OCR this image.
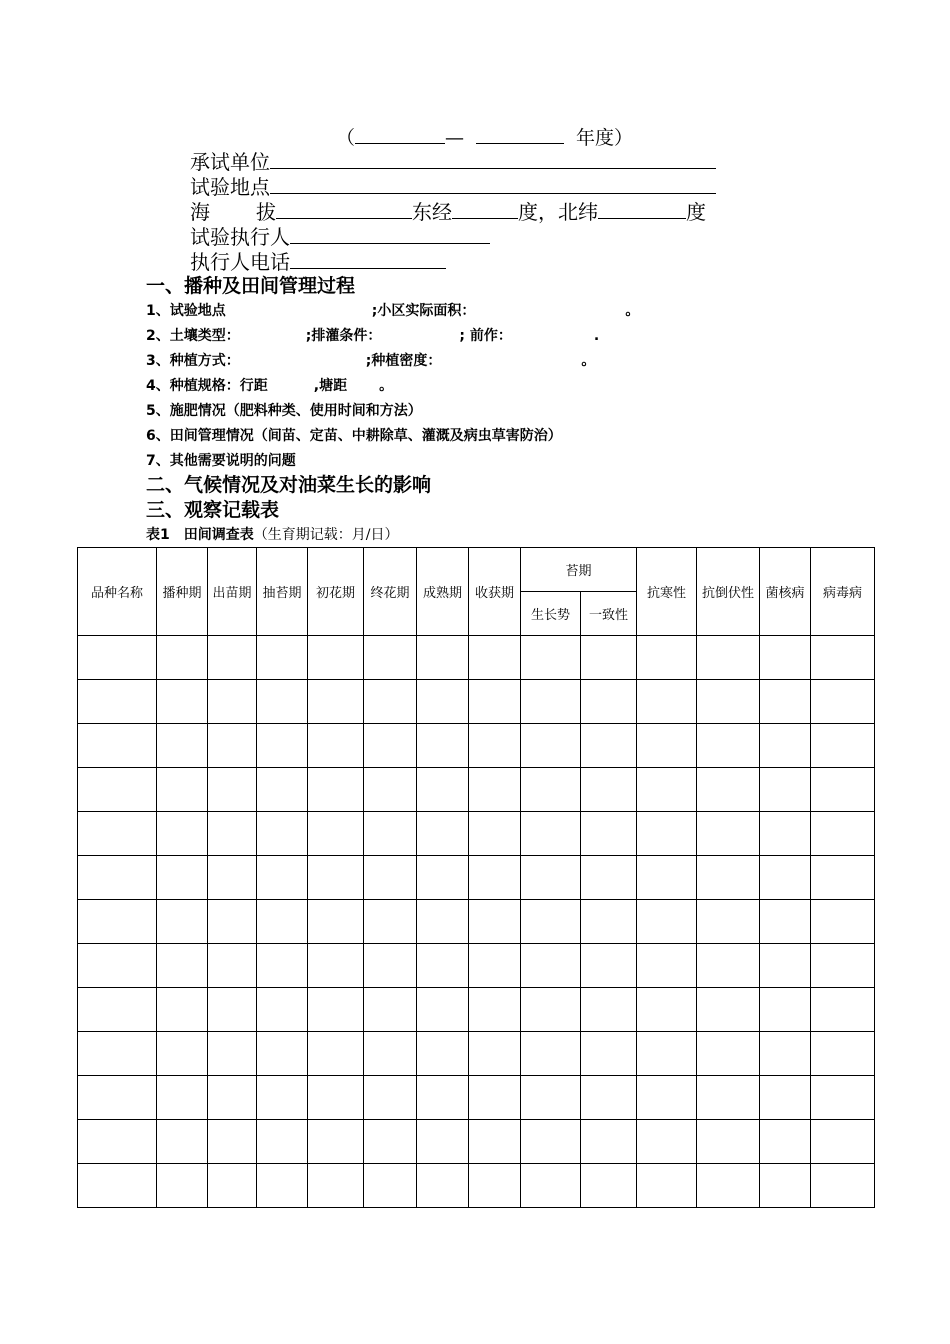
（	—	年度）
承试单位
试验地点
海 拔	东经	度，北纬	度
试验执行人
执行人电话
一、播种及田间管理过程
1、试验地点	;小区实际面积：	。
2、土壤类型：	;排灌条件：	; 前作：	.
3、种植方式：	;种植密度：	。
4、种植规格：行距	,塘距 。
5、施肥情况（肥料种类、使用时间和方法）
6、田间管理情况（间苗、定苗、中耕除草、灌溉及病虫草害防治）
7、其他需要说明的问题
二、气候情况及对油菜生长的影响
三、观察记载表
表1　田间调查表（生育期记载：月/日）
品种名称	播种期	出苗期	抽苔期	初花期	终花期	成熟期	收获期	苔期		抗寒性	抗倒伏性	菌核病	病毒病
								生长势	一致性				
